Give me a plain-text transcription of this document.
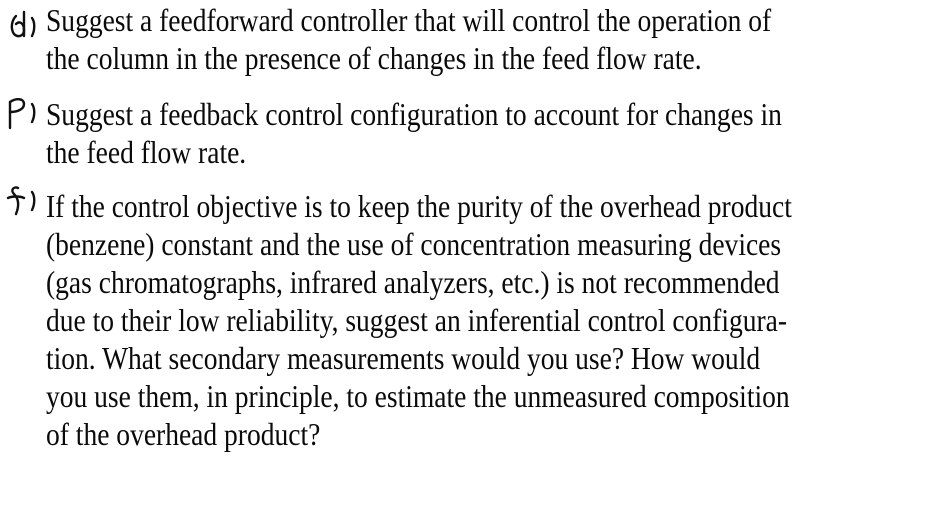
Suggest a feedforward controller that will control the operation of
the column in the presence of changes in the feed flow rate.
Suggest a feedback control configuration to account for changes in
the feed flow rate.
If the control objective is to keep the purity of the overhead product
(benzene) constant and the use of concentration measuring devices
(gas chromatographs, infrared analyzers, etc.) is not recommended
due to their low reliability, suggest an inferential control configura-
tion. What secondary measurements would you use? How would
you use them, in principle, to estimate the unmeasured composition
of the overhead product?
